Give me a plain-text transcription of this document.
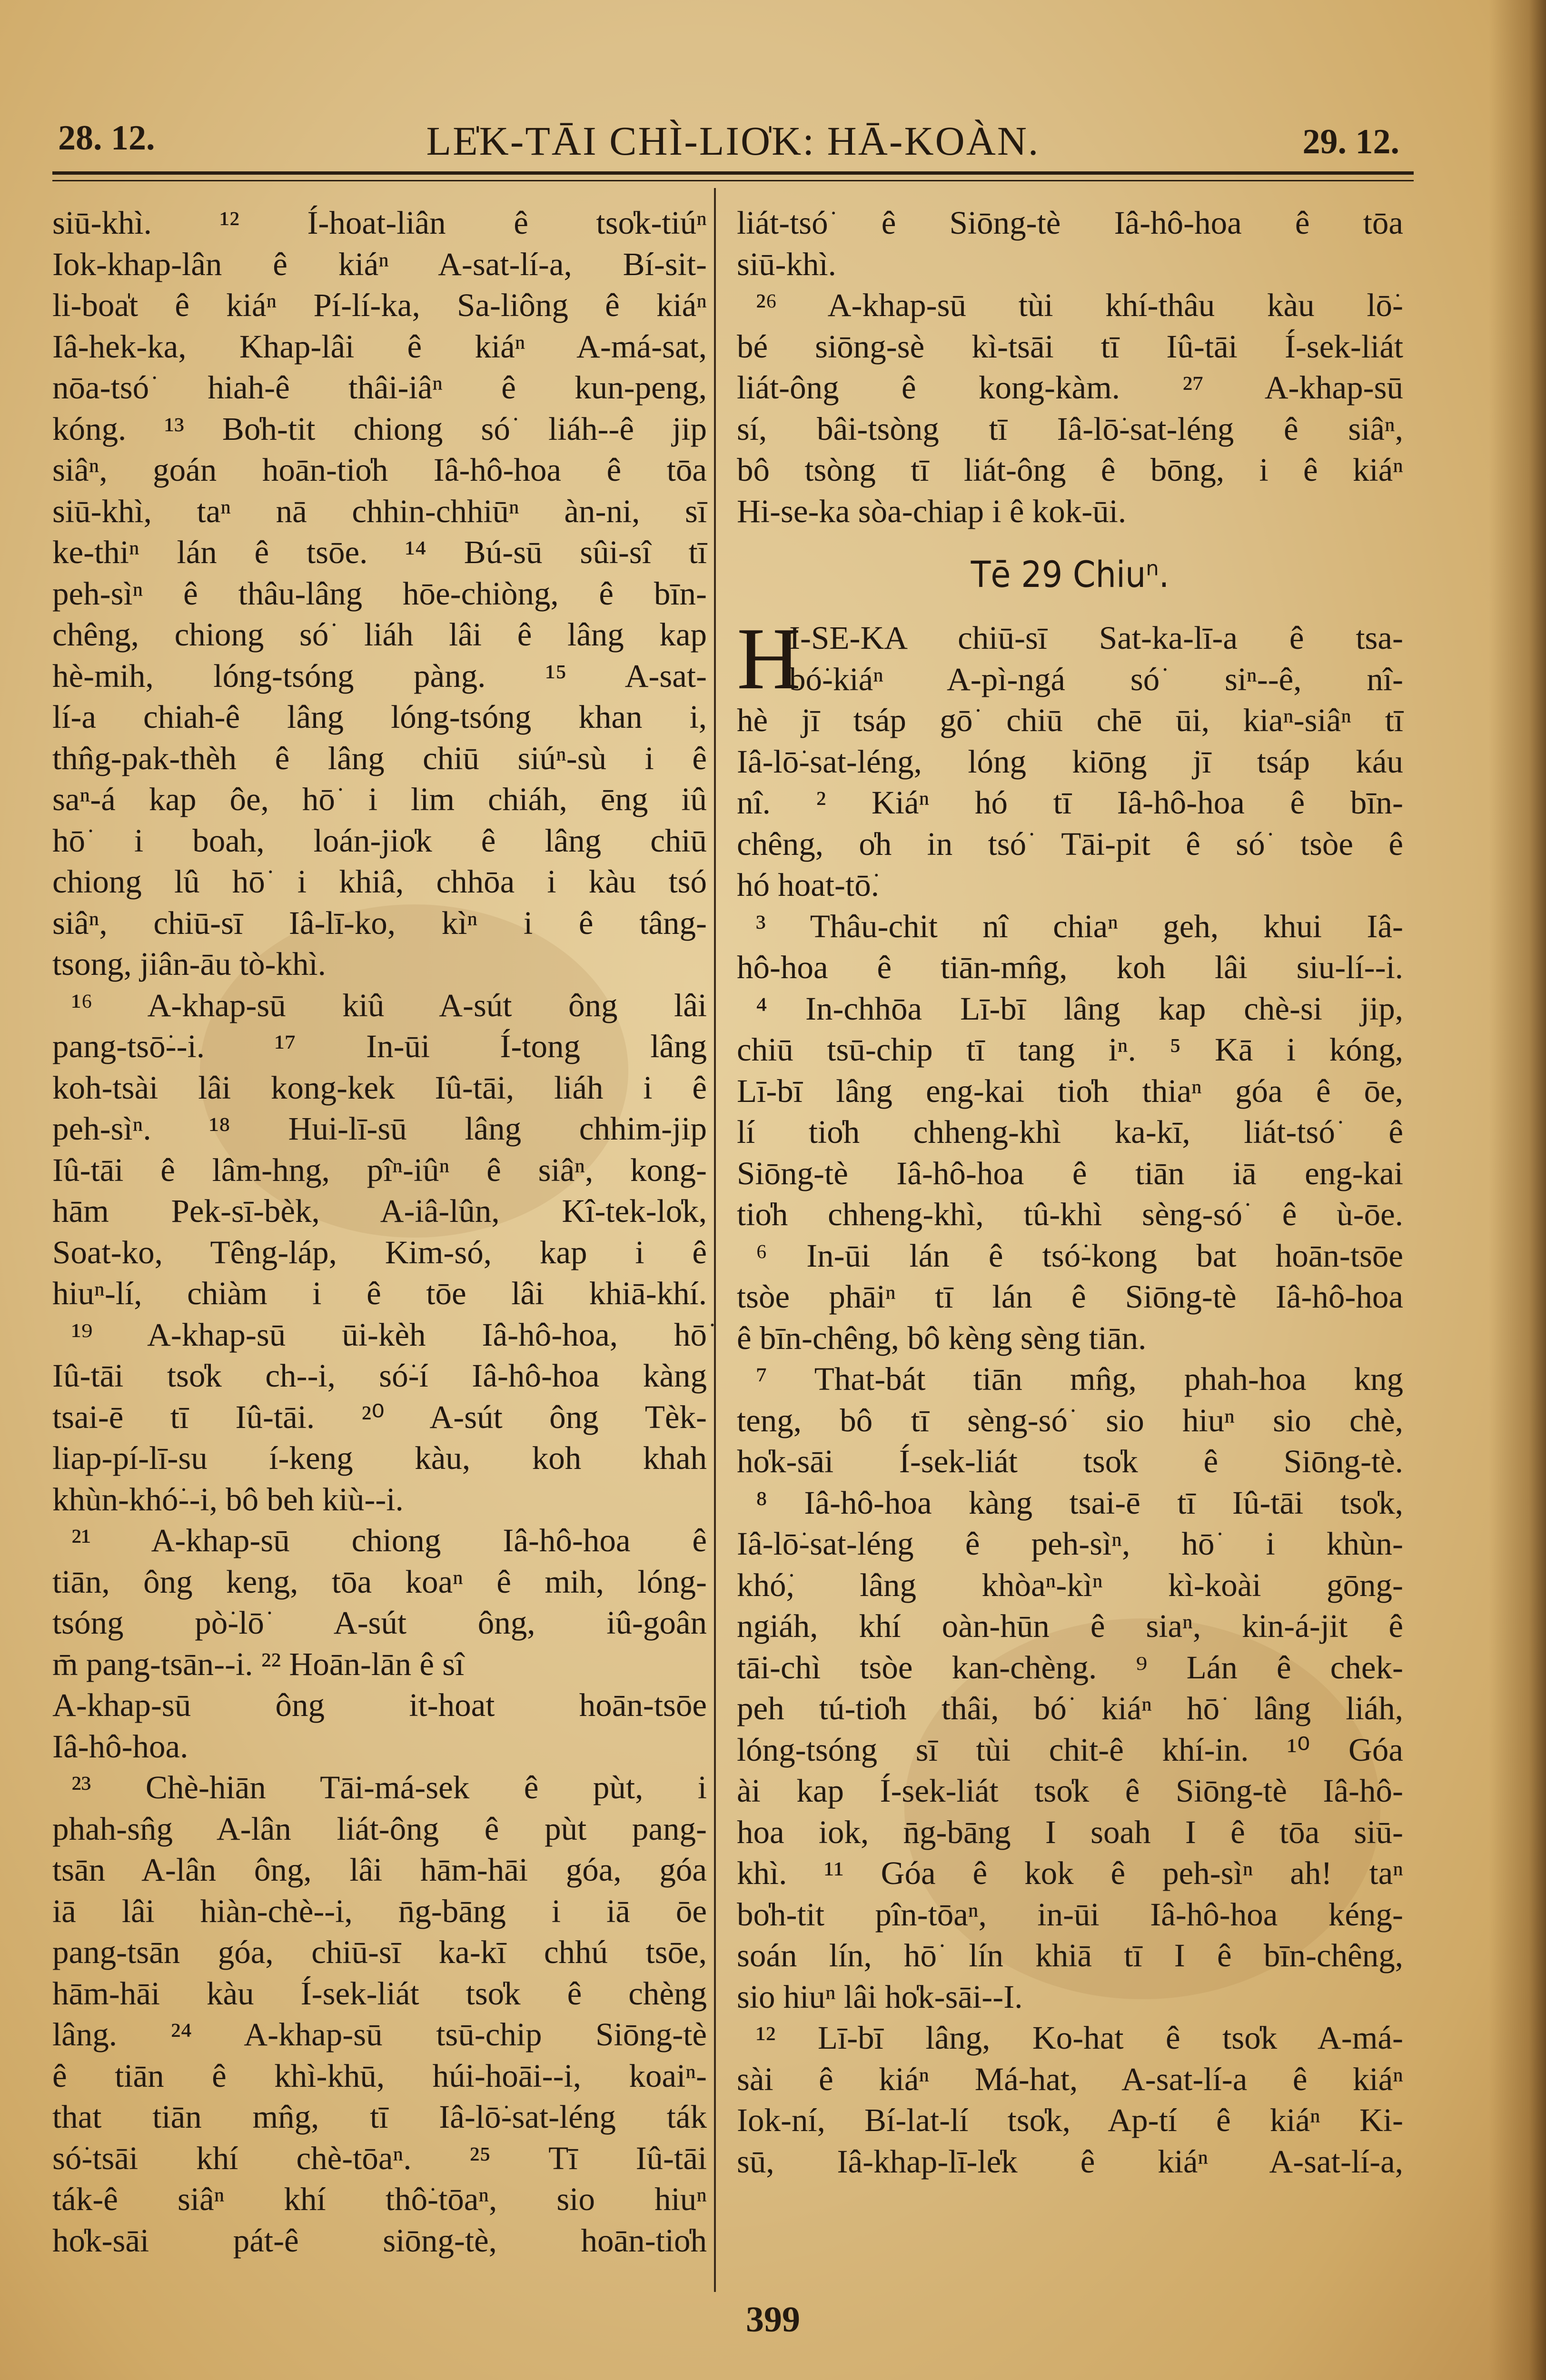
28. 12.	LE̍K-TĀI CHÌ-LIO̍K: HĀ-KOÀN.	29. 12.
siū-khì. ¹² Í-hoat-liân ê tso̍k-tiúⁿ
Iok-khap-lân ê kiáⁿ A-sat-lí-a, Bí-sit-
li-boa̍t ê kiáⁿ Pí-lí-ka, Sa-liông ê kiáⁿ
Iâ-hek-ka, Khap-lâi ê kiáⁿ A-má-sat,
nōa-tsó͘ hiah-ê thâi-iâⁿ ê kun-peng,
kóng. ¹³ Bo̍h-tit chiong só͘ liáh--ê jip
siâⁿ, goán hoān-tio̍h Iâ-hô-hoa ê tōa
siū-khì, taⁿ nā chhin-chhiūⁿ àn-ni, sī
ke-thiⁿ lán ê tsōe. ¹⁴ Bú-sū sûi-sî tī
peh-sìⁿ ê thâu-lâng hōe-chiòng, ê bīn-
chêng, chiong só͘ liáh lâi ê lâng kap
hè-mih, lóng-tsóng pàng. ¹⁵ A-sat-
lí-a chiah-ê lâng lóng-tsóng khan i,
thn̂g-pak-thèh ê lâng chiū siúⁿ-sù i ê
saⁿ-á kap ôe, hō͘ i lim chiáh, ēng iû
hō͘ i boah, loán-jio̍k ê lâng chiū
chiong lû hō͘ i khiâ, chhōa i kàu tsó
siâⁿ, chiū-sī Iâ-lī-ko, kìⁿ i ê tâng-
tsong, jiân-āu tò-khì.
¹⁶ A-khap-sū kiû A-sút ông lâi
pang-tsō͘--i. ¹⁷ In-ūi Í-tong lâng
koh-tsài lâi kong-kek Iû-tāi, liáh i ê
peh-sìⁿ. ¹⁸ Hui-lī-sū lâng chhim-jip
Iû-tāi ê lâm-hng, pîⁿ-iûⁿ ê siâⁿ, kong-
hām Pek-sī-bèk, A-iâ-lûn, Kî-tek-lo̍k,
Soat-ko, Têng-láp, Kim-só, kap i ê
hiuⁿ-lí, chiàm i ê tōe lâi khiā-khí.
¹⁹ A-khap-sū ūi-kèh Iâ-hô-hoa, hō͘
Iû-tāi tso̍k ch--i, só͘-í Iâ-hô-hoa kàng
tsai-ē tī Iû-tāi. ²⁰ A-sút ông Tèk-
liap-pí-lī-su í-keng kàu, koh khah
khùn-khó͘--i, bô beh kiù--i.
²¹ A-khap-sū chiong Iâ-hô-hoa ê
tiān, ông keng, tōa koaⁿ ê mih, lóng-
tsóng pò͘-lō͘ A-sút ông, iû-goân
m̄ pang-tsān--i. ²² Hoān-lān ê sî
A-khap-sū ông it-hoat hoān-tsōe
Iâ-hô-hoa.
²³ Chè-hiān Tāi-má-sek ê pùt, i
phah-sn̂g A-lân liát-ông ê pùt pang-
tsān A-lân ông, lâi hām-hāi góa, góa
iā lâi hiàn-chè--i, n̄g-bāng i iā ōe
pang-tsān góa, chiū-sī ka-kī chhú tsōe,
hām-hāi kàu Í-sek-liát tso̍k ê chèng
lâng. ²⁴ A-khap-sū tsū-chip Siōng-tè
ê tiān ê khì-khū, húi-hoāi--i, koaiⁿ-
that tiān mn̂g, tī Iâ-lō͘-sat-léng ták
só͘-tsāi khí chè-tōaⁿ. ²⁵ Tī Iû-tāi
ták-ê siâⁿ khí thô͘-tōaⁿ, sio hiuⁿ
ho̍k-sāi pát-ê siōng-tè, hoān-tio̍h
liát-tsó͘ ê Siōng-tè Iâ-hô-hoa ê tōa
siū-khì.
²⁶ A-khap-sū tùi khí-thâu kàu lō͘-
bé siōng-sè kì-tsāi tī Iû-tāi Í-sek-liát
liát-ông ê kong-kàm. ²⁷ A-khap-sū
sí, bâi-tsòng tī Iâ-lō͘-sat-léng ê siâⁿ,
bô tsòng tī liát-ông ê bōng, i ê kiáⁿ
Hi-se-ka sòa-chiap i ê kok-ūi.
Tē 29 Chiuⁿ.
H
I-SE-KA chiū-sī Sat-ka-lī-a ê tsa-
bó͘-kiáⁿ A-pì-ngá só͘ siⁿ--ê, nî-
hè jī tsáp gō͘ chiū chē ūi, kiaⁿ-siâⁿ tī
Iâ-lō͘-sat-léng, lóng kiōng jī tsáp káu
nî. ² Kiáⁿ hó tī Iâ-hô-hoa ê bīn-
chêng, o̍h in tsó͘ Tāi-pit ê só͘ tsòe ê
hó hoat-tō͘.
³ Thâu-chit nî chiaⁿ geh, khui Iâ-
hô-hoa ê tiān-mn̂g, koh lâi siu-lí--i.
⁴ In-chhōa Lī-bī lâng kap chè-si jip,
chiū tsū-chip tī tang iⁿ. ⁵ Kā i kóng,
Lī-bī lâng eng-kai tio̍h thiaⁿ góa ê ōe,
lí tio̍h chheng-khì ka-kī, liát-tsó͘ ê
Siōng-tè Iâ-hô-hoa ê tiān iā eng-kai
tio̍h chheng-khì, tû-khì sèng-só͘ ê ù-ōe.
⁶ In-ūi lán ê tsó͘-kong bat hoān-tsōe
tsòe phāiⁿ tī lán ê Siōng-tè Iâ-hô-hoa
ê bīn-chêng, bô kèng sèng tiān.
⁷ That-bát tiān mn̂g, phah-hoa kng
teng, bô tī sèng-só͘ sio hiuⁿ sio chè,
ho̍k-sāi Í-sek-liát tso̍k ê Siōng-tè.
⁸ Iâ-hô-hoa kàng tsai-ē tī Iû-tāi tso̍k,
Iâ-lō͘-sat-léng ê peh-sìⁿ, hō͘ i khùn-
khó͘, lâng khòaⁿ-kìⁿ kì-koài gōng-
ngiáh, khí oàn-hūn ê siaⁿ, kin-á-jit ê
tāi-chì tsòe kan-chèng. ⁹ Lán ê chek-
peh tú-tio̍h thâi, bó͘ kiáⁿ hō͘ lâng liáh,
lóng-tsóng sī tùi chit-ê khí-in. ¹⁰ Góa
ài kap Í-sek-liát tso̍k ê Siōng-tè Iâ-hô-
hoa iok, n̄g-bāng I soah I ê tōa siū-
khì. ¹¹ Góa ê kok ê peh-sìⁿ ah! taⁿ
bo̍h-tit pîn-tōaⁿ, in-ūi Iâ-hô-hoa kéng-
soán lín, hō͘ lín khiā tī I ê bīn-chêng,
sio hiuⁿ lâi ho̍k-sāi--I.
¹² Lī-bī lâng, Ko-hat ê tso̍k A-má-
sài ê kiáⁿ Má-hat, A-sat-lí-a ê kiáⁿ
Iok-ní, Bí-lat-lí tso̍k, Ap-tí ê kiáⁿ Ki-
sū, Iâ-khap-lī-le̍k ê kiáⁿ A-sat-lí-a,
399
